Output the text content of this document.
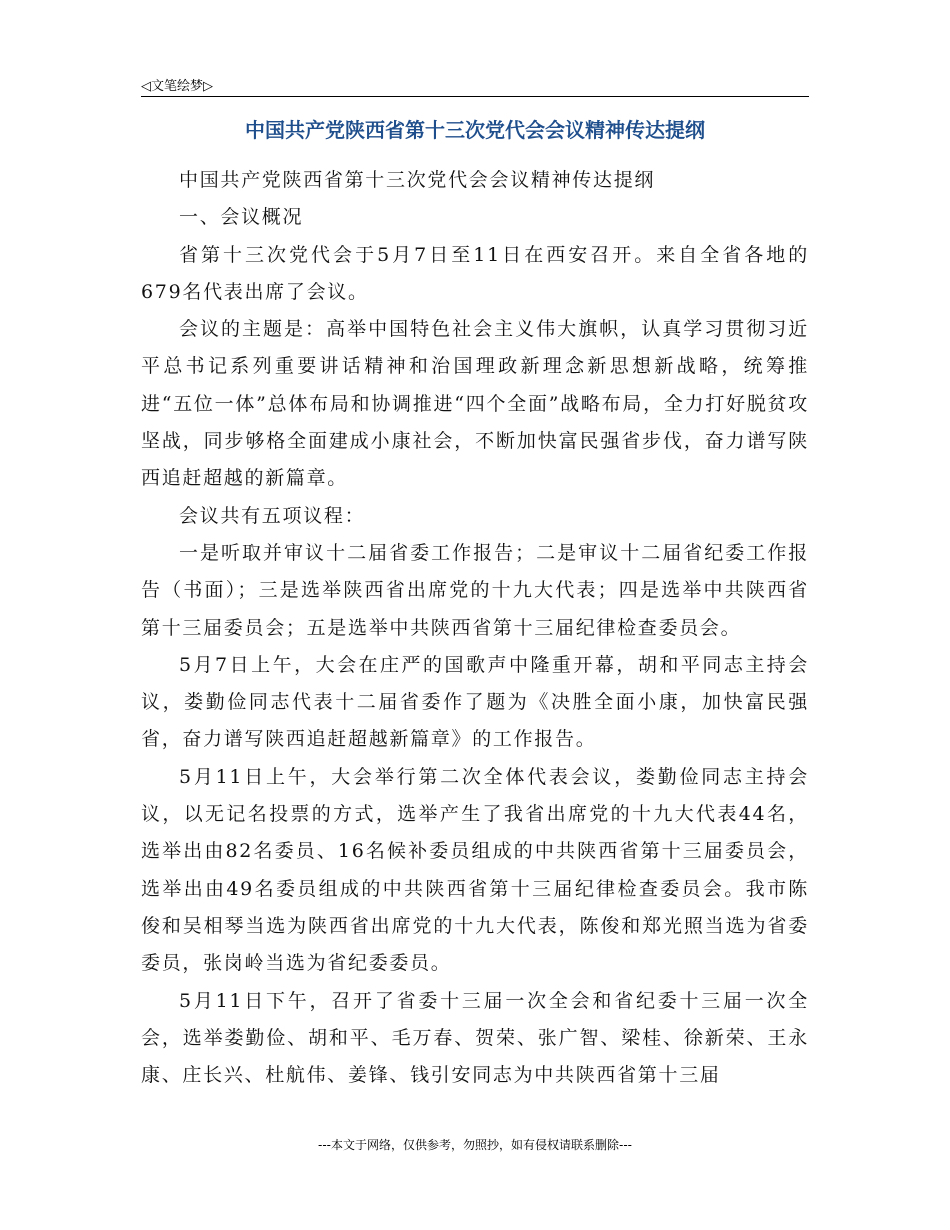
◁文笔绘梦▷
中国共产党陕西省第十三次党代会会议精神传达提纲

中国共产党陕西省第十三次党代会会议精神传达提纲

一、会议概况

省第十三次党代会于5月7日至11日在西安召开。来自全省各地的679名代表出席了会议。

会议的主题是：高举中国特色社会主义伟大旗帜，认真学习贯彻习近平总书记系列重要讲话精神和治国理政新理念新思想新战略，统筹推进“五位一体”总体布局和协调推进“四个全面”战略布局，全力打好脱贫攻坚战，同步够格全面建成小康社会，不断加快富民强省步伐，奋力谱写陕西追赶超越的新篇章。

会议共有五项议程：

一是听取并审议十二届省委工作报告；二是审议十二届省纪委工作报告（书面）；三是选举陕西省出席党的十九大代表；四是选举中共陕西省第十三届委员会；五是选举中共陕西省第十三届纪律检查委员会。

5月7日上午，大会在庄严的国歌声中隆重开幕，胡和平同志主持会议，娄勤俭同志代表十二届省委作了题为《决胜全面小康，加快富民强省，奋力谱写陕西追赶超越新篇章》的工作报告。

5月11日上午，大会举行第二次全体代表会议，娄勤俭同志主持会议，以无记名投票的方式，选举产生了我省出席党的十九大代表44名，选举出由82名委员、16名候补委员组成的中共陕西省第十三届委员会，选举出由49名委员组成的中共陕西省第十三届纪律检查委员会。我市陈俊和吴相琴当选为陕西省出席党的十九大代表，陈俊和郑光照当选为省委委员，张岗岭当选为省纪委委员。

5月11日下午，召开了省委十三届一次全会和省纪委十三届一次全会，选举娄勤俭、胡和平、毛万春、贺荣、张广智、梁桂、徐新荣、王永康、庄长兴、杜航伟、姜锋、钱引安同志为中共陕西省第十三届

---本文于网络，仅供参考，勿照抄，如有侵权请联系删除---
